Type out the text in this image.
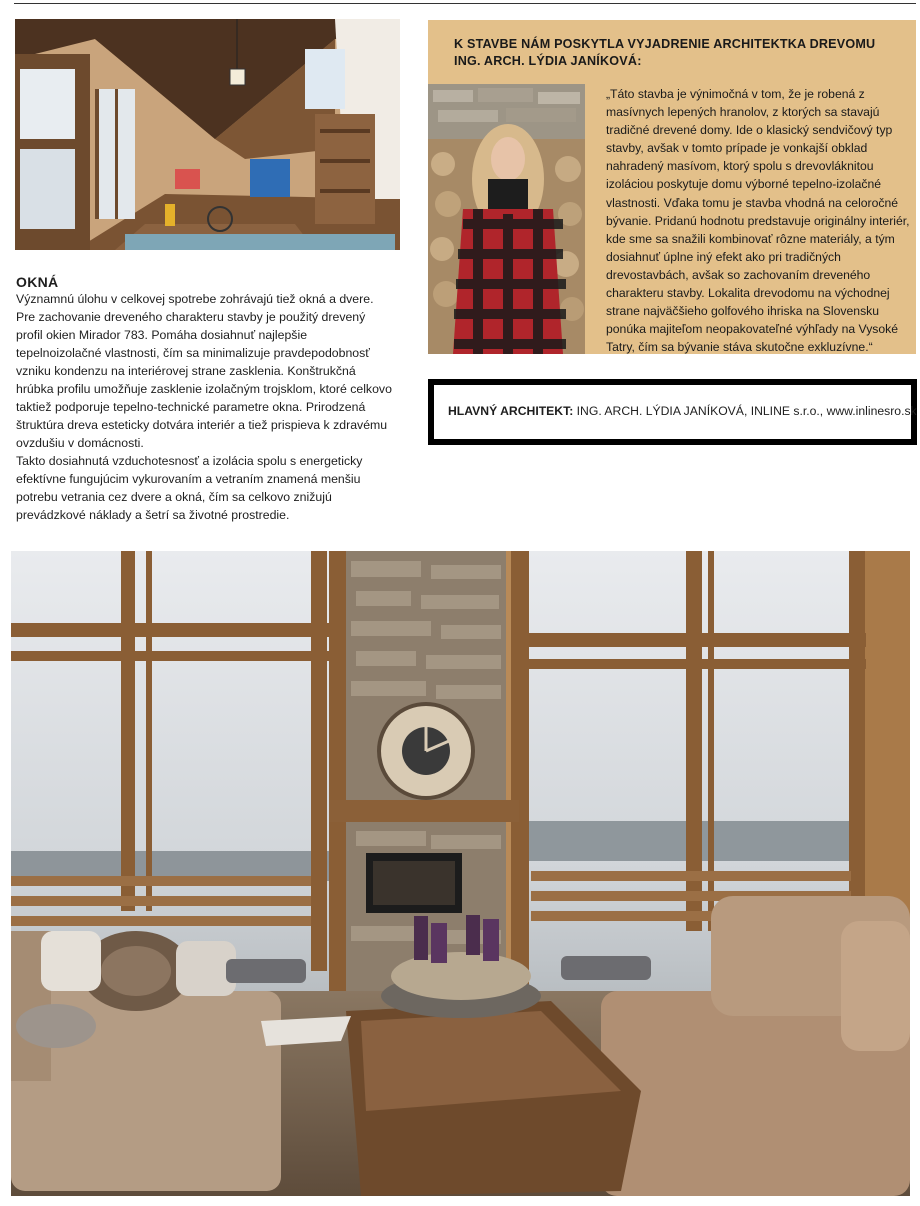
OKNÁ

Významnú úlohu v celkovej spotrebe zohrávajú tiež okná a dvere. Pre zachovanie dreveného charakteru stavby je použitý drevený profil okien Mirador 783. Pomáha dosiahnuť najlepšie tepelnoizolačné vlastnosti, čím sa minimalizuje pravdepodobnosť vzniku kondenzu na interiérovej strane zasklenia. Konštrukčná hrúbka profilu umožňuje zasklenie izolačným trojsklom, ktoré celkovo taktiež podporuje tepelno-technické parametre okna. Prirodzená štruktúra dreva esteticky dotvára interiér a tiež prispieva k zdravému ovzdušiu v domácnosti.

Takto dosiahnutá vzduchotesnosť a izolácia spolu s energeticky efektívne fungujúcim vykurovaním a vetraním znamená menšiu potrebu vetrania cez dvere a okná, čím sa celkovo znižujú prevádzkové náklady a šetrí sa životné prostredie.

K STAVBE NÁM POSKYTLA VYJADRENIE ARCHITEKTKA DREVOMU ING. ARCH. LÝDIA JANÍKOVÁ:
„Táto stavba je výnimočná v tom, že je robená z masívnych lepených hranolov, z ktorých sa stavajú tradičné drevené domy. Ide o klasický sendvičový typ stavby, avšak v tomto prípade je vonkajší obklad nahradený masívom, ktorý spolu s drevovláknitou izoláciou poskytuje domu výborné tepelno-izolačné vlastnosti. Vďaka tomu je stavba vhodná na celoročné bývanie. Pridanú hodnotu predstavuje originálny interiér, kde sme sa snažili kombinovať rôzne materiály, a tým dosiahnuť úplne iný efekt ako pri tradičných drevostavbách, avšak so zachovaním dreveného charakteru stavby. Lokalita drevodomu na východnej strane najväčšieho golfového ihriska na Slovensku ponúka majiteľom neopakovateľné výhľady na Vysoké Tatry, čím sa bývanie stáva skutočne exkluzívne.“
HLAVNÝ ARCHITEKT: ING. ARCH. LÝDIA JANÍKOVÁ, INLINE s.r.o., www.inlinesro.sk
